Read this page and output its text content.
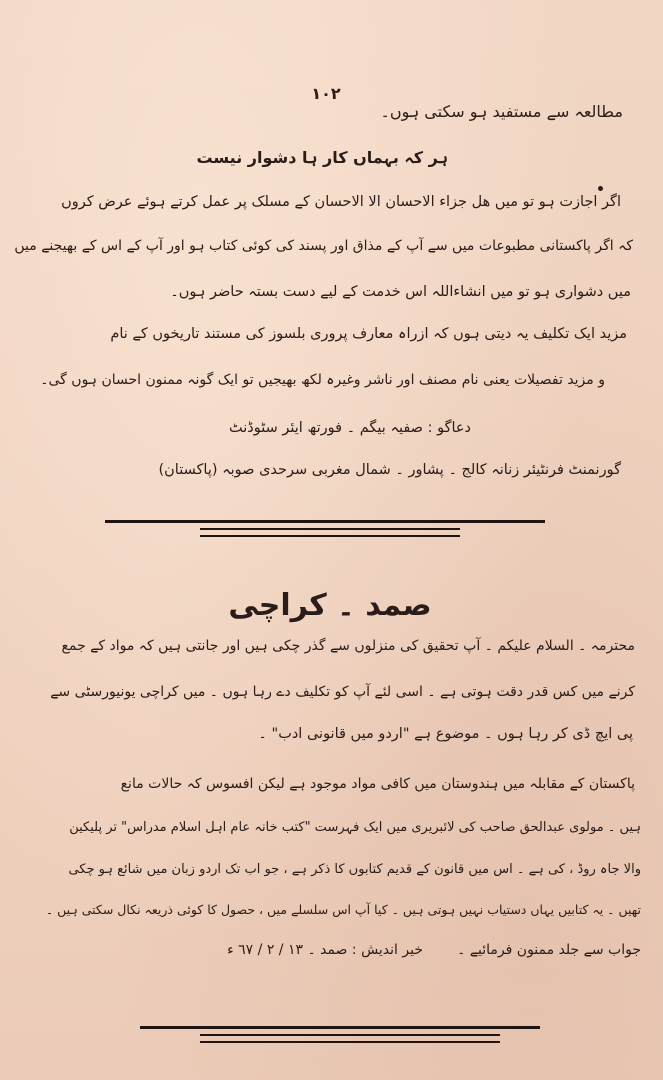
١٠٢
مطالعہ سے مستفید ہو سکتی ہوں۔
ہر کہ بہماں کار ہا دشوار نیست
اگر اجازت ہو تو میں ھل جزاء الاحسان الا الاحسان کے مسلک پر عمل کرتے ہوئے عرض کروں
کہ اگر پاکستانی مطبوعات میں سے آپ کے مذاق اور پسند کی کوئی کتاب ہو اور آپ کے اس کے بھیجنے میں
میں دشواری ہو تو میں انشاءاللہ اس خدمت کے لیے دست بستہ حاضر ہوں۔
مزید ایک تکلیف یہ دیتی ہوں کہ ازراہ معارف پروری بلسوز کی مستند تاریخوں کے نام
و مزید تفصیلات یعنی نام مصنف اور ناشر وغیرہ لکھ بھیجیں تو ایک گونہ ممنون احسان ہوں گی۔
دعاگو : صفیہ بیگم ۔ فورتھ ایئر سٹوڈنٹ
گورنمنٹ فرنٹیئر زنانہ کالج ۔ پشاور ۔ شمال مغربی سرحدی صوبہ (پاکستان)
صمد ۔ کراچی
محترمہ ۔ السلام علیکم ۔ آپ تحقیق کی منزلوں سے گذر چکی ہیں اور جانتی ہیں کہ مواد کے جمع
کرنے میں کس قدر دقت ہوتی ہے ۔ اسی لئے آپ کو تکلیف دے رہا ہوں ۔ میں کراچی یونیورسٹی سے
پی ایچ ڈی کر رہا ہوں ۔ موضوع ہے "اردو میں قانونی ادب" ۔
پاکستان کے مقابلہ میں ہندوستان میں کافی مواد موجود ہے لیکن افسوس کہ حالات مانع
ہیں ۔ مولوی عبدالحق صاحب کی لائبریری میں ایک فہرست "کتب خانہ عام اہل اسلام مدراس" تر پلیکین
والا جاہ روڈ ، کی ہے ۔ اس میں قانون کے قدیم کتابوں کا ذکر ہے ، جو اب تک اردو زبان میں شائع ہو چکی
تھیں ۔ یہ کتابیں یہاں دستیاب نہیں ہوتی ہیں ۔ کیا آپ اس سلسلے میں ، حصول کا کوئی ذریعہ نکال سکتی ہیں ۔
جواب سے جلد ممنون فرمائیے ۔
خیر اندیش : صمد ۔ ١٣ / ٢ / ٦٧ ء
